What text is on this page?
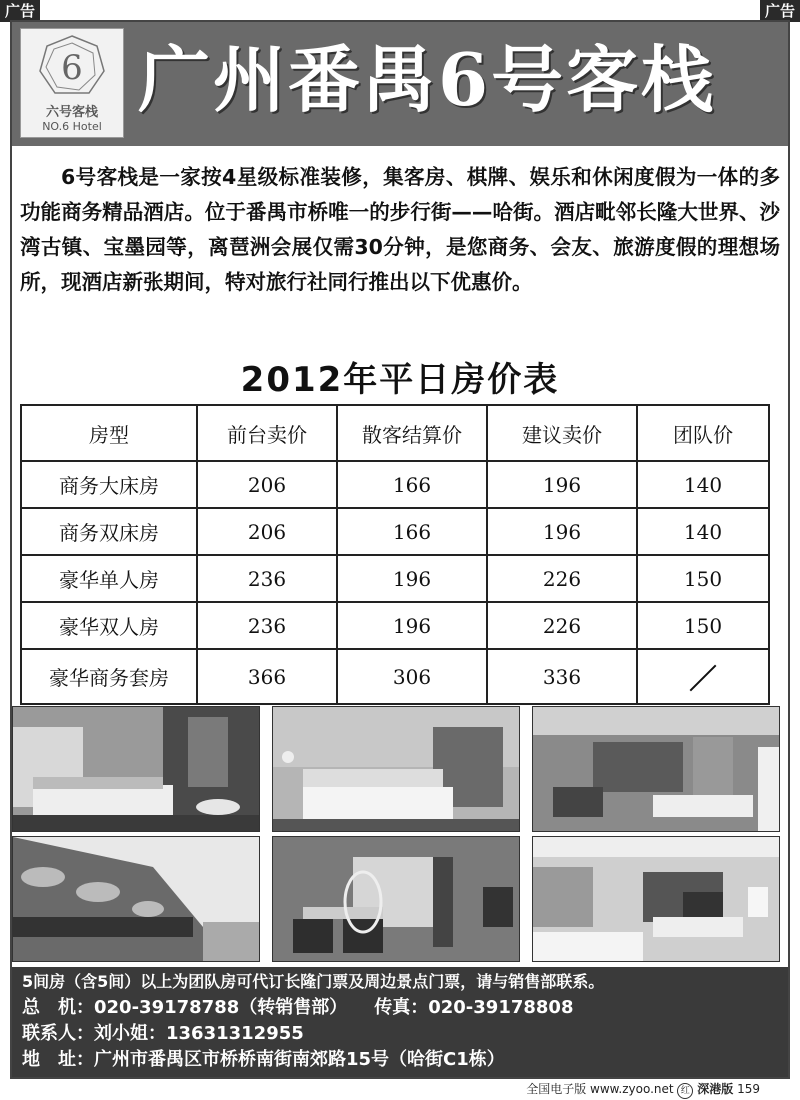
广告	广告
6
六号客栈
NO.6 Hotel
广州番禺6号客栈
6号客栈是一家按4星级标准装修，集客房、棋牌、娱乐和休闲度假为一体的多功能商务精品酒店。位于番禺市桥唯一的步行街——哈街。酒店毗邻长隆大世界、沙湾古镇、宝墨园等，离琶洲会展仅需30分钟，是您商务、会友、旅游度假的理想场所，现酒店新张期间，特对旅行社同行推出以下优惠价。
2012年平日房价表
房型	前台卖价	散客结算价	建议卖价	团队价
商务大床房	206	166	196	140
商务双床房	206	166	196	140
豪华单人房	236	196	226	150
豪华双人房	236	196	226	150
豪华商务套房	366	306	336	
5间房（含5间）以上为团队房可代订长隆门票及周边景点门票，请与销售部联系。
总　机：020-39178788（转销售部）　　传真：020-39178808
联系人：刘小姐：13631312955
地　址：广州市番禺区市桥桥南街南郊路15号（哈街C1栋）
全国电子版 www.zyoo.net 红 深港版 159
